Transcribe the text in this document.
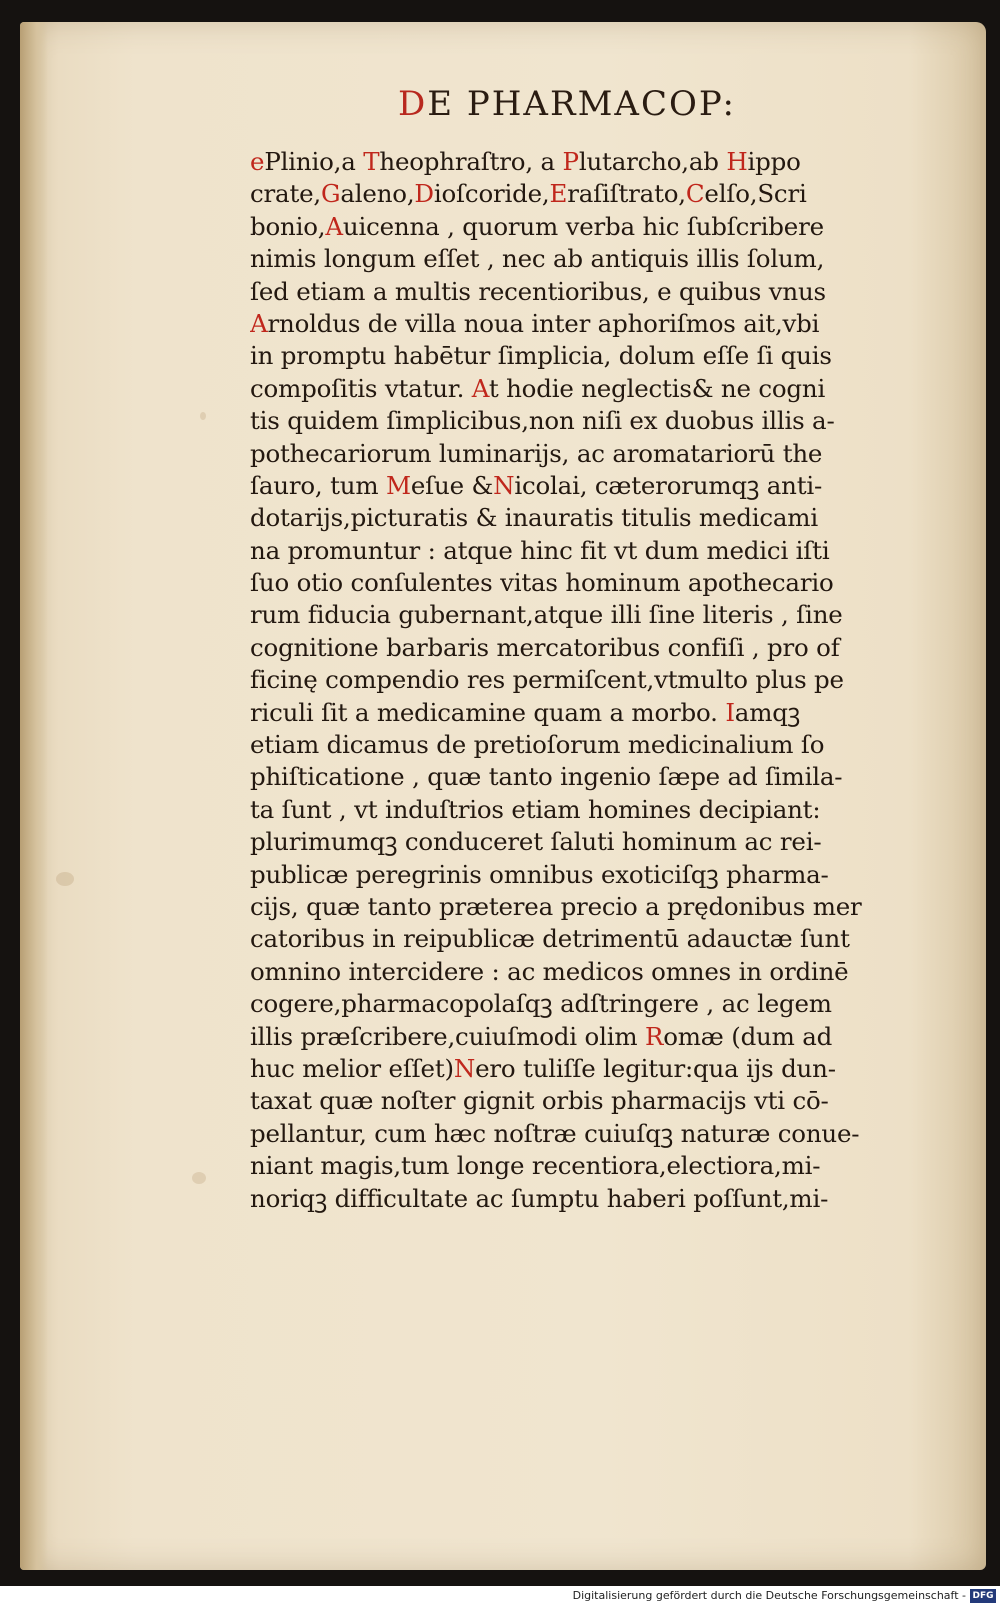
DE PHARMACOP:
ePlinio,a Theophraſtro, a Plutarcho,ab Hippo
crate,Galeno,Dioſcoride,Eraſiſtrato,Celſo,Scri
bonio,Auicenna , quorum verba hic ſubſcribere
nimis longum eſſet , nec ab antiquis illis ſolum,
ſed etiam a multis recentioribus, e quibus vnus
Arnoldus de villa noua inter aphoriſmos ait,vbi
in promptu habētur ſimplicia, dolum eſſe ſi quis
compoſitis vtatur. At hodie neglectis& ne cogni
tis quidem ſimplicibus,non niſi ex duobus illis a-
pothecariorum luminarijs, ac aromatariorū the
ſauro, tum Meſue &Nicolai, cæterorumqꝫ anti-
dotarijs,picturatis & inauratis titulis medicami
na promuntur : atque hinc fit vt dum medici iſti
ſuo otio conſulentes vitas hominum apothecario
rum fiducia gubernant,atque illi ſine literis , ſine
cognitione barbaris mercatoribus confiſi , pro of
ficinę compendio res permiſcent,vtmulto plus pe
riculi ſit a medicamine quam a morbo. Iamqꝫ
etiam dicamus de pretioſorum medicinalium ſo
phiſticatione , quæ tanto ingenio ſæpe ad ſimila-
ta ſunt , vt induſtrios etiam homines decipiant:
plurimumqꝫ conduceret ſaluti hominum ac rei-
publicæ peregrinis omnibus exoticiſqꝫ pharma-
cijs, quæ tanto præterea precio a prędonibus mer
catoribus in reipublicæ detrimentū adauctæ ſunt
omnino intercidere : ac medicos omnes in ordinē
cogere,pharmacopolaſqꝫ adſtringere , ac legem
illis præſcribere,cuiuſmodi olim Romæ (dum ad
huc melior eſſet)Nero tuliſſe legitur:qua ijs dun-
taxat quæ noſter gignit orbis pharmacijs vti cō-
pellantur, cum hæc noſtræ cuiuſqꝫ naturæ conue-
niant magis,tum longe recentiora,electiora,mi-
noriqꝫ difficultate ac ſumptu haberi poſſunt,mi-
Digitalisierung gefördert durch die Deutsche Forschungsgemeinschaft - DFG
